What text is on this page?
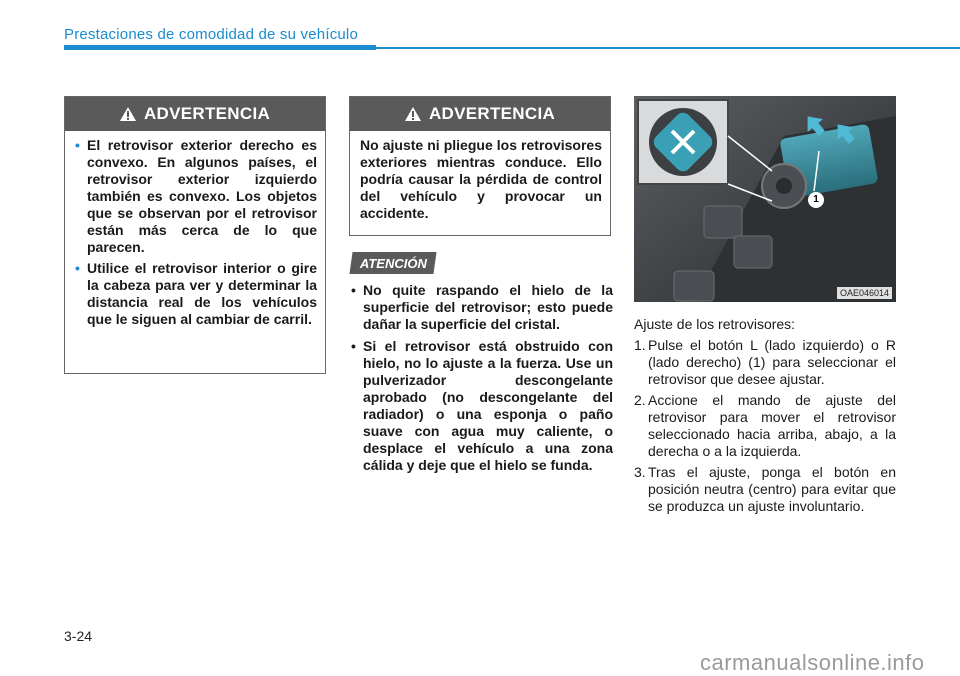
Prestaciones de comodidad de su vehículo
ADVERTENCIA
• El retrovisor exterior derecho es convexo. En algunos países, el retrovisor exterior izquierdo también es convexo. Los objetos que se observan por el retrovisor están más cerca de lo que parecen.
• Utilice el retrovisor interior o gire la cabeza para ver y determinar la distancia real de los vehículos que le siguen al cambiar de carril.
ADVERTENCIA
No ajuste ni pliegue los retrovisores exteriores mientras conduce. Ello podría causar la pérdida de control del vehículo y provocar un accidente.
ATENCIÓN
• No quite raspando el hielo de la superficie del retrovisor; esto puede dañar la superficie del cristal.
• Si el retrovisor está obstruido con hielo, no lo ajuste a la fuerza. Use un pulverizador descongelante aprobado (no descongelante del radiador) o una esponja o paño suave con agua muy caliente, o desplace el vehículo a una zona cálida y deje que el hielo se funda.
1
OAE046014

Ajuste de los retrovisores:

1. Pulse el botón L (lado izquierdo) o R (lado derecho) (1) para seleccionar el retrovisor que desee ajustar.
2. Accione el mando de ajuste del retrovisor para mover el retrovisor seleccionado hacia arriba, abajo, a la derecha o a la izquierda.
3. Tras el ajuste, ponga el botón en posición neutra (centro) para evitar que se produzca un ajuste involuntario.
3-24
carmanualsonline.info
